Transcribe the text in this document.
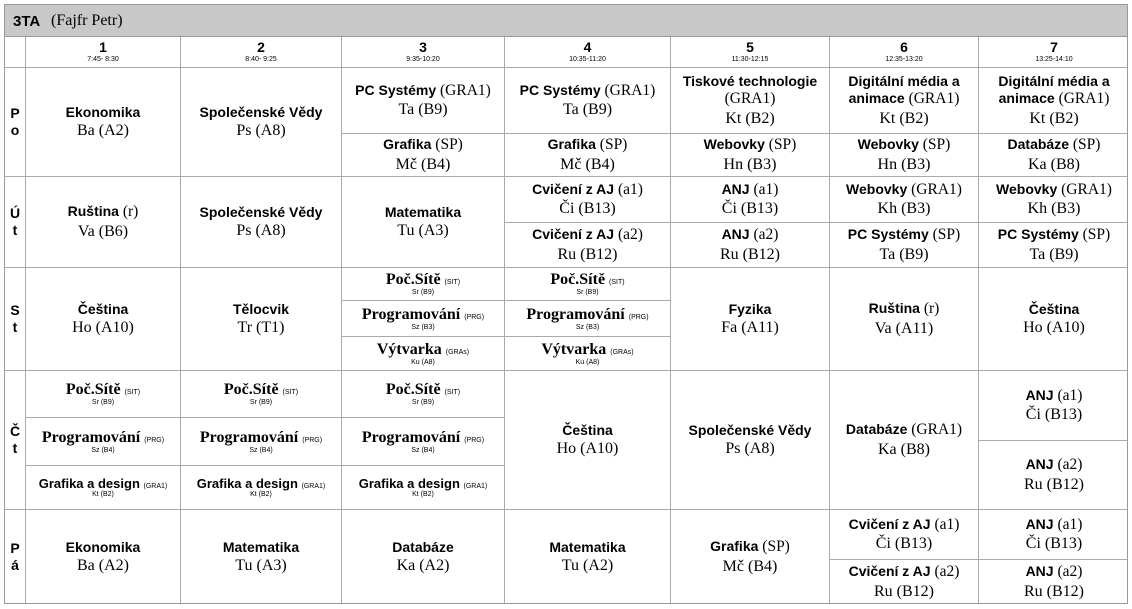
3TA (Fajfr Petr)
1
7:45- 8:30
2
8:40- 9:25
3
9:35-10:20
4
10:35-11:20
5
11:30-12:15
6
12:35-13:20
7
13:25-14:10
P
o
Ú
t
S
t
Č
t
P
á
Ekonomika
Ba (A2)
Společenské Vědy
Ps (A8)
PC Systémy (GRA1)
Ta (B9)
Grafika (SP)
Mč (B4)
PC Systémy (GRA1)
Ta (B9)
Grafika (SP)
Mč (B4)
Tiskové technologie (GRA1)
Kt (B2)
Webovky (SP)
Hn (B3)
Digitální média a animace (GRA1)
Kt (B2)
Webovky (SP)
Hn (B3)
Digitální média a animace (GRA1)
Kt (B2)
Databáze (SP)
Ka (B8)
Ruština (r)
Va (B6)
Společenské Vědy
Ps (A8)
Matematika
Tu (A3)
Cvičení z AJ (a1)
Či (B13)
Cvičení z AJ (a2)
Ru (B12)
ANJ (a1)
Či (B13)
ANJ (a2)
Ru (B12)
Webovky (GRA1)
Kh (B3)
PC Systémy (SP)
Ta (B9)
Webovky (GRA1)
Kh (B3)
PC Systémy (SP)
Ta (B9)
Čeština
Ho (A10)
Tělocvik
Tr (T1)
Poč.Sítě (SIT)
Sr (B9)
Programování (PRG)
Sz (B3)
Výtvarka (GRAs)
Ku (A8)
Poč.Sítě (SIT)
Sr (B9)
Programování (PRG)
Sz (B3)
Výtvarka (GRAs)
Ku (A8)
Fyzika
Fa (A11)
Ruština (r)
Va (A11)
Čeština
Ho (A10)
Poč.Sítě (SIT)
Sr (B9)
Programování (PRG)
Sz (B4)
Grafika a design (GRA1)
Kt (B2)
Poč.Sítě (SIT)
Sr (B9)
Programování (PRG)
Sz (B4)
Grafika a design (GRA1)
Kt (B2)
Poč.Sítě (SIT)
Sr (B9)
Programování (PRG)
Sz (B4)
Grafika a design (GRA1)
Kt (B2)
Čeština
Ho (A10)
Společenské Vědy
Ps (A8)
Databáze (GRA1)
Ka (B8)
ANJ (a1)
Či (B13)
ANJ (a2)
Ru (B12)
Ekonomika
Ba (A2)
Matematika
Tu (A3)
Databáze
Ka (A2)
Matematika
Tu (A2)
Grafika (SP)
Mč (B4)
Cvičení z AJ (a1)
Či (B13)
Cvičení z AJ (a2)
Ru (B12)
ANJ (a1)
Či (B13)
ANJ (a2)
Ru (B12)
